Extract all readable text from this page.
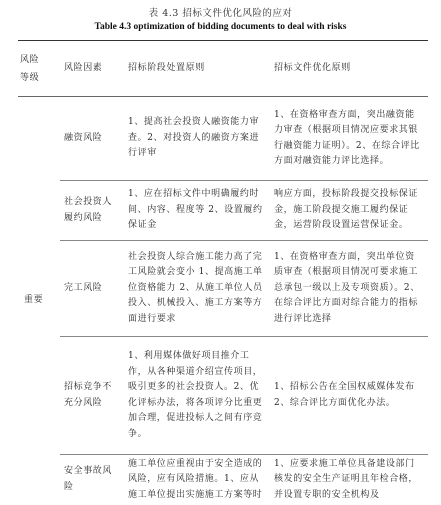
表 4.3 招标文件优化风险的应对
Table 4.3 optimization of bidding documents to deal with risks
风险
等级	风险因素	招标阶段处置原则	招标文件优化原则
重要	融资风险	1、提高社会投资人融资能力审查。2、对投资人的融资方案进行评审	1、在资格审查方面，突出融资能力审查（根据项目情况应要求其银行融资能力证明）。2、在综合评比方面对融资能力评比选择。
	社会投资人履约风险	1、应在招标文件中明确履约时间、内容、程度等 2、设置履约保证金	响应方面，投标阶段提交投标保证金，施工阶段提交施工履约保证金，运营阶段设置运营保证金。
	完工风险	社会投资人综合施工能力高了完工风险就会变小 1、提高施工单位资格能力 2、从施工单位人员投入、机械投入、施工方案等方面进行要求	1、在资格审查方面，突出单位资质审查（根据项目情况可要求施工总承包一级以上及专项资质）。2、在综合评比方面对综合能力的指标进行评比选择
	招标竞争不充分风险	1、利用媒体做好项目推介工作，从各种渠道介绍宣传项目，吸引更多的社会投资人。2、优化评标办法，将各项评分比重更加合理，促进投标人之间有序竞争。	1、招标公告在全国权威媒体发布 2、综合评比方面优化办法。
	安全事故风险	施工单位应重视由于安全造成的风险，应有风险措施。1、应从施工单位提出实施施工方案等时	1、应要求施工单位具备建设部门核发的安全生产证明且年检合格，并设置专职的安全机构及
